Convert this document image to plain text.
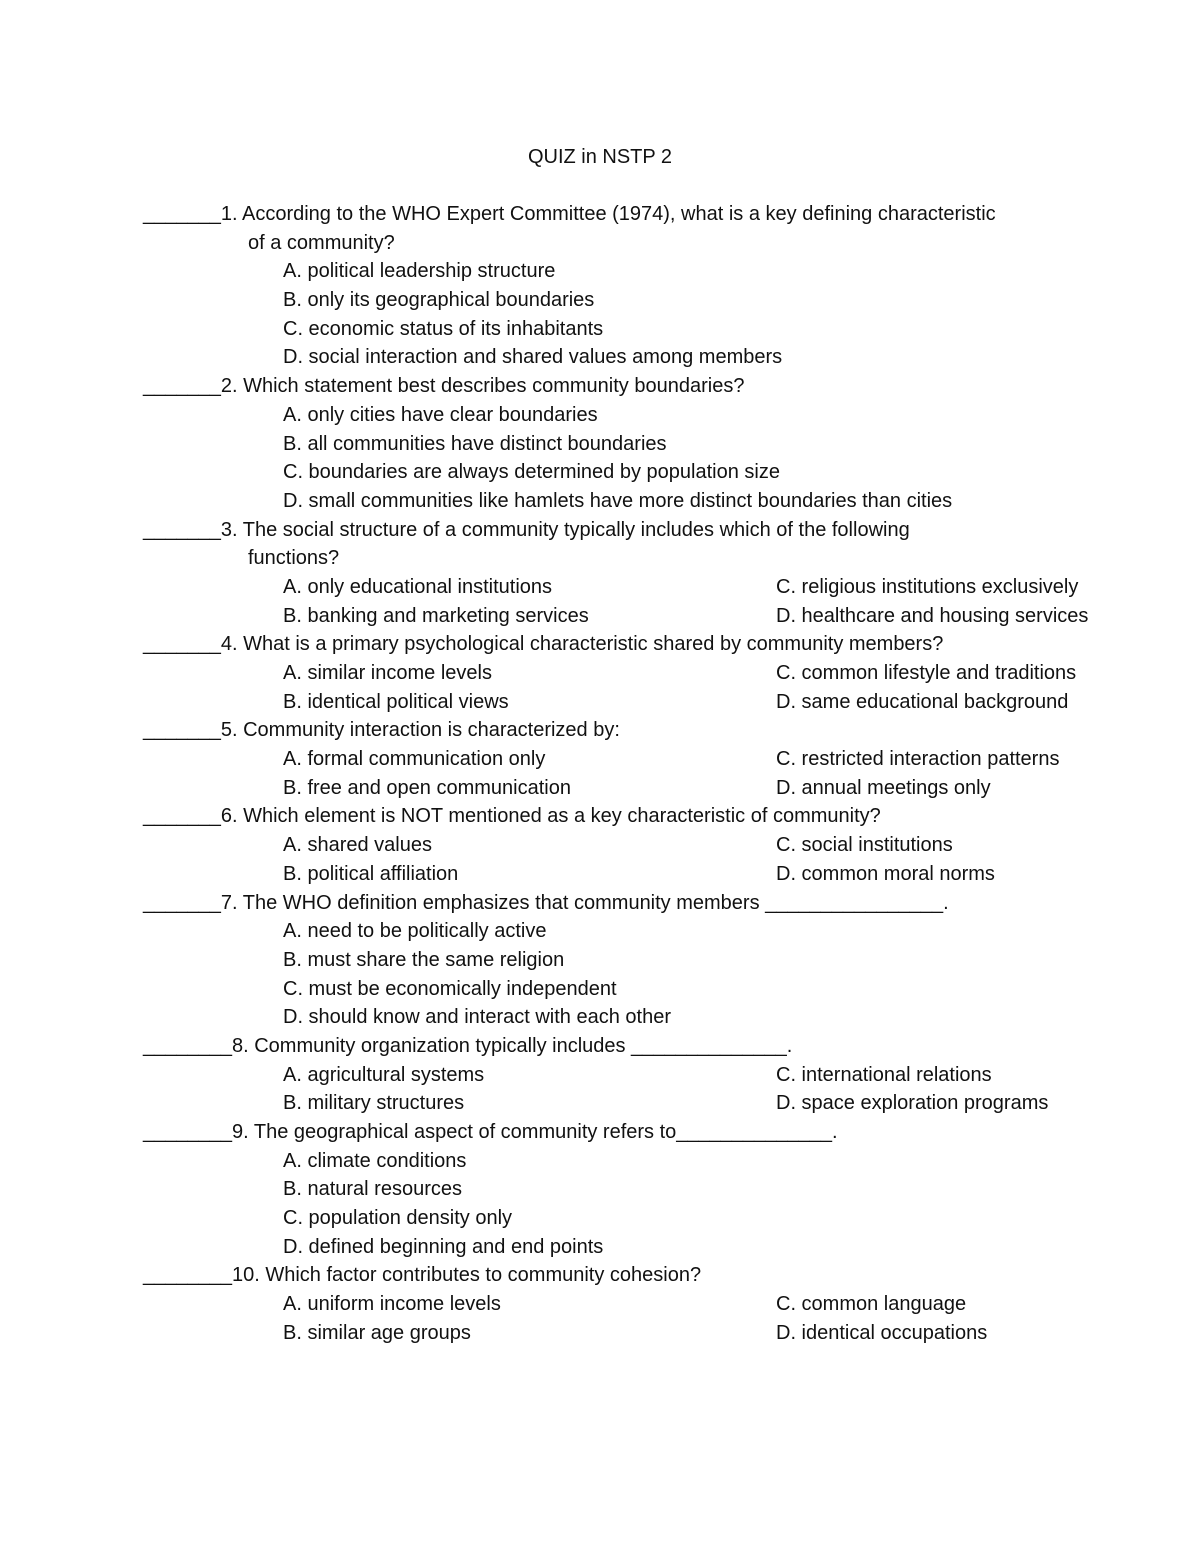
QUIZ in NSTP 2
_______1. According to the WHO Expert Committee (1974), what is a key defining characteristic
of a community?
A. political leadership structure
B. only its geographical boundaries
C. economic status of its inhabitants
D. social interaction and shared values among members
_______2. Which statement best describes community boundaries?
A. only cities have clear boundaries
B. all communities have distinct boundaries
C. boundaries are always determined by population size
D. small communities like hamlets have more distinct boundaries than cities
_______3. The social structure of a community typically includes which of the following
functions?
A. only educational institutions	C. religious institutions exclusively
B. banking and marketing services	D. healthcare and housing services
_______4. What is a primary psychological characteristic shared by community members?
A. similar income levels	C. common lifestyle and traditions
B. identical political views	D. same educational background
_______5. Community interaction is characterized by:
A. formal communication only	C. restricted interaction patterns
B. free and open communication	D. annual meetings only
_______6. Which element is NOT mentioned as a key characteristic of community?
A. shared values	C. social institutions
B. political affiliation	D. common moral norms
_______7. The WHO definition emphasizes that community members ________________.
A. need to be politically active
B. must share the same religion
C. must be economically independent
D. should know and interact with each other
________8. Community organization typically includes ______________.
A. agricultural systems	C. international relations
B. military structures	D. space exploration programs
________9. The geographical aspect of community refers to______________.
A. climate conditions
B. natural resources
C. population density only
D. defined beginning and end points
________10. Which factor contributes to community cohesion?
A. uniform income levels	C. common language
B. similar age groups	D. identical occupations
